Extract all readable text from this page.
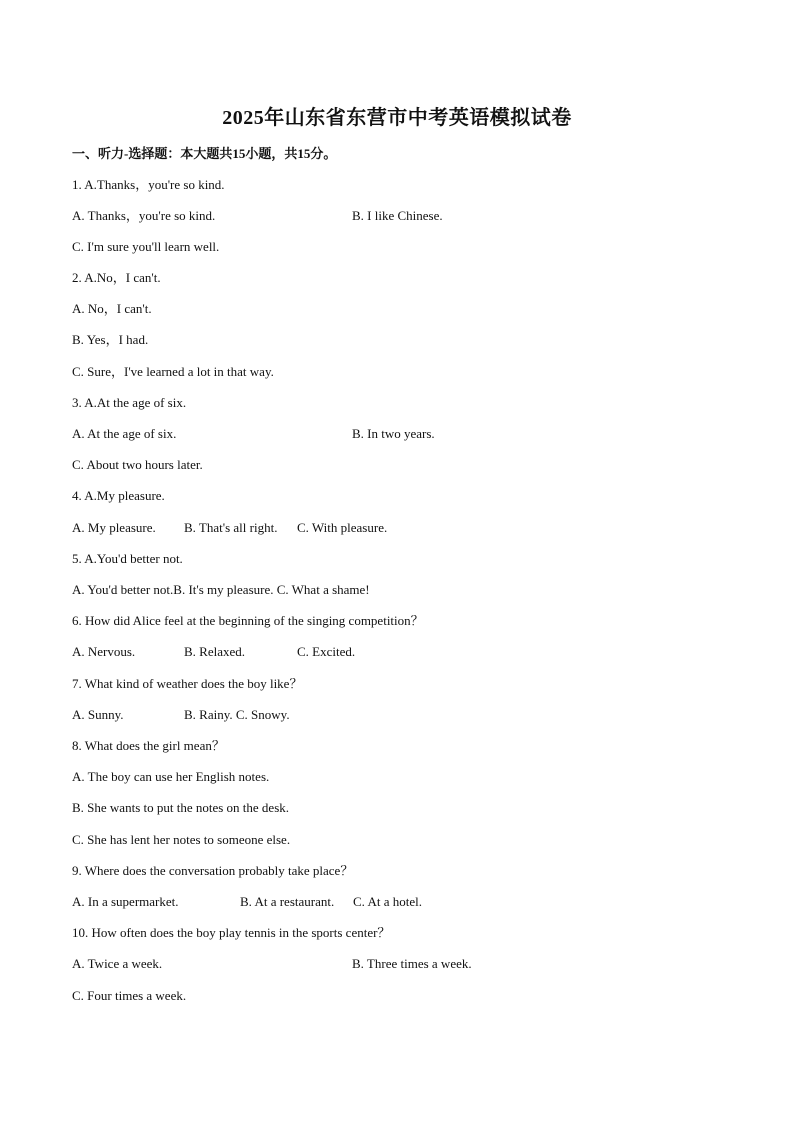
2025年山东省东营市中考英语模拟试卷
一、听力-选择题：本大题共15小题，共15分。
1. A.Thanks，you're so kind.
A. Thanks，you're so kind.	B. I like Chinese.
C. I'm sure you'll learn well.
2. A.No，I can't.
A. No，I can't.
B. Yes，I had.
C. Sure，I've learned a lot in that way.
3. A.At the age of six.
A. At the age of six.	B. In two years.
C. About two hours later.
4. A.My pleasure.
A. My pleasure. B. That's all right. C. With pleasure.
5. A.You'd better not.
A. You'd better not.B. It's my pleasure. C. What a shame!
6. How did Alice feel at the beginning of the singing competition？
A. Nervous.	B. Relaxed.	C. Excited.
7. What kind of weather does the boy like？
A. Sunny.	B. Rainy. C. Snowy.
8. What does the girl mean？
A. The boy can use her English notes.
B. She wants to put the notes on the desk.
C. She has lent her notes to someone else.
9. Where does the conversation probably take place？
A. In a supermarket.	B. At a restaurant. C. At a hotel.
10. How often does the boy play tennis in the sports center？
A. Twice a week.	B. Three times a week.
C. Four times a week.
